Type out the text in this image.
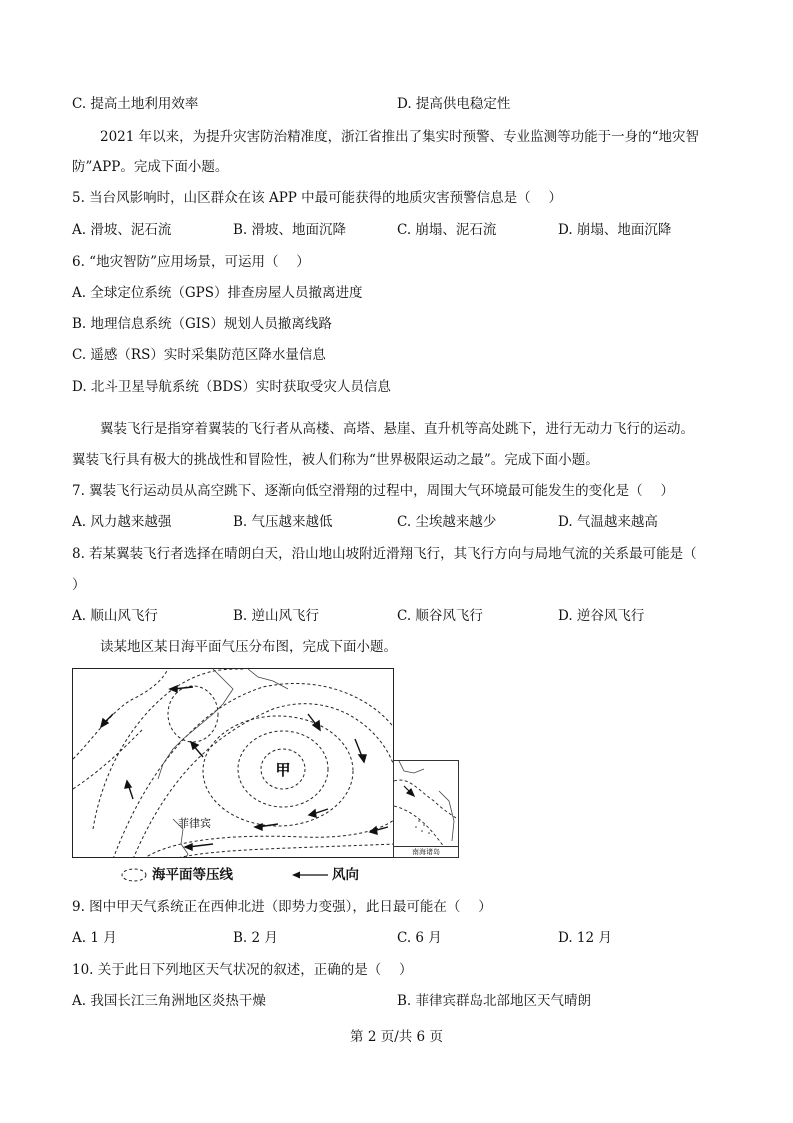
C. 提高土地利用效率	D. 提高供电稳定性
2021 年以来，为提升灾害防治精准度，浙江省推出了集实时预警、专业监测等功能于一身的“地灾智
防”APP。完成下面小题。
5. 当台风影响时，山区群众在该 APP 中最可能获得的地质灾害预警信息是（　 ）
A. 滑坡、泥石流	B. 滑坡、地面沉降	C. 崩塌、泥石流	D. 崩塌、地面沉降
6. “地灾智防”应用场景，可运用（　 ）
A. 全球定位系统（GPS）排查房屋人员撤离进度
B. 地理信息系统（GIS）规划人员撤离线路
C. 遥感（RS）实时采集防范区降水量信息
D. 北斗卫星导航系统（BDS）实时获取受灾人员信息
翼装飞行是指穿着翼装的飞行者从高楼、高塔、悬崖、直升机等高处跳下，进行无动力飞行的运动。
翼装飞行具有极大的挑战性和冒险性，被人们称为“世界极限运动之最”。完成下面小题。
7. 翼装飞行运动员从高空跳下、逐渐向低空滑翔的过程中，周围大气环境最可能发生的变化是（　 ）
A. 风力越来越强	B. 气压越来越低	C. 尘埃越来越少	D. 气温越来越高
8. 若某翼装飞行者选择在晴朗白天，沿山地山坡附近滑翔飞行，其飞行方向与局地气流的关系最可能是（
）
A. 顺山风飞行	B. 逆山风飞行	C. 顺谷风飞行	D. 逆谷风飞行
读某地区某日海平面气压分布图，完成下面小题。
甲
菲律宾
南海诸岛
海平面等压线	风向
9. 图中甲天气系统正在西伸北进（即势力变强），此日最可能在（　 ）
A. 1 月	B. 2 月	C. 6 月	D. 12 月
10. 关于此日下列地区天气状况的叙述，正确的是（　 ）
A. 我国长江三角洲地区炎热干燥	B. 菲律宾群岛北部地区天气晴朗
第 2 页/共 6 页
